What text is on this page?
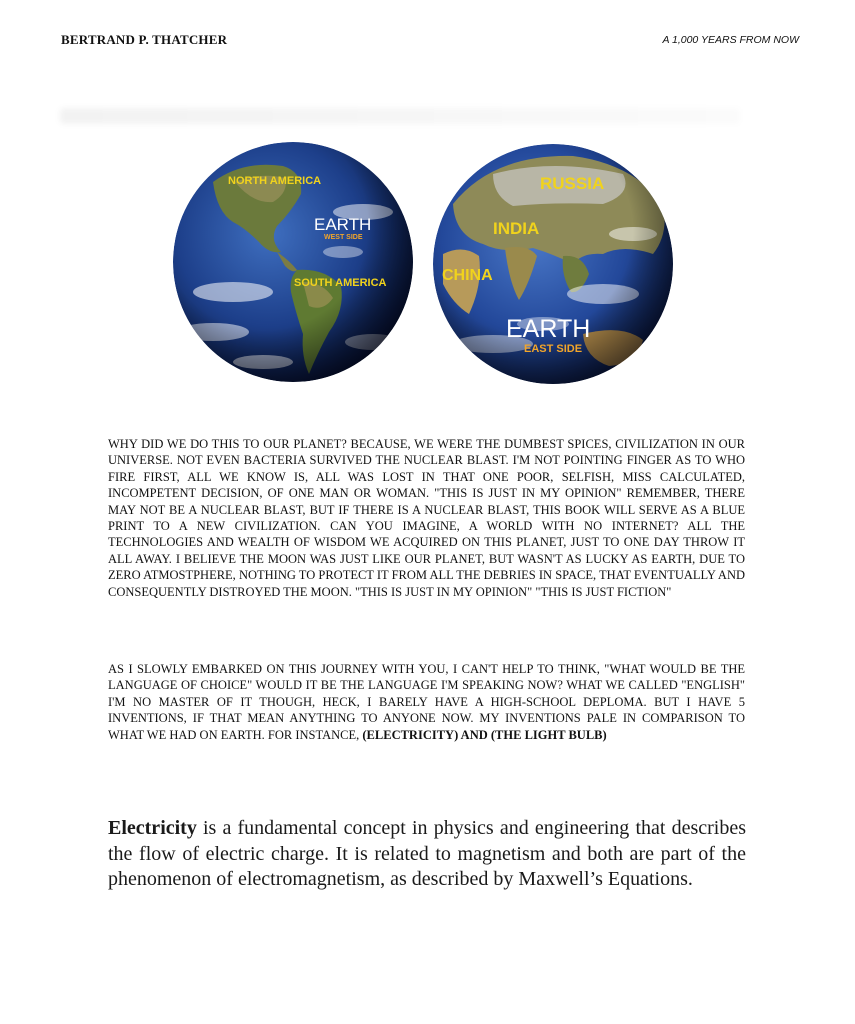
BERTRAND P. THATCHER	A 1,000 YEARS FROM NOW
NORTH AMERICA
EARTH
WEST SIDE
SOUTH AMERICA
RUSSIA
INDIA
CHINA
EARTH
EAST SIDE

WHY DID WE DO THIS TO OUR PLANET? BECAUSE, WE WERE THE DUMBEST SPICES, CIVILIZATION IN OUR UNIVERSE. NOT EVEN BACTERIA SURVIVED THE NUCLEAR BLAST. I'M NOT POINTING FINGER AS TO WHO FIRE FIRST, ALL WE KNOW IS, ALL WAS LOST IN THAT ONE POOR, SELFISH, MISS CALCULATED, INCOMPETENT DECISION, OF ONE MAN OR WOMAN. "THIS IS JUST IN MY OPINION" REMEMBER, THERE MAY NOT BE A NUCLEAR BLAST, BUT IF THERE IS A NUCLEAR BLAST, THIS BOOK WILL SERVE AS A BLUE PRINT TO A NEW CIVILIZATION. CAN YOU IMAGINE, A WORLD WITH NO INTERNET? ALL THE TECHNOLOGIES AND WEALTH OF WISDOM WE ACQUIRED ON THIS PLANET, JUST TO ONE DAY THROW IT ALL AWAY. I BELIEVE THE MOON WAS JUST LIKE OUR PLANET, BUT WASN'T AS LUCKY AS EARTH, DUE TO ZERO ATMOSTPHERE, NOTHING TO PROTECT IT FROM ALL THE DEBRIES IN SPACE, THAT EVENTUALLY AND CONSEQUENTLY DISTROYED THE MOON. "THIS IS JUST IN MY OPINION" "THIS IS JUST FICTION"

AS I SLOWLY EMBARKED ON THIS JOURNEY WITH YOU, I CAN'T HELP TO THINK, "WHAT WOULD BE THE LANGUAGE OF CHOICE" WOULD IT BE THE LANGUAGE I'M SPEAKING NOW? WHAT WE CALLED "ENGLISH" I'M NO MASTER OF IT THOUGH, HECK, I BARELY HAVE A HIGH-SCHOOL DEPLOMA. BUT I HAVE 5 INVENTIONS, IF THAT MEAN ANYTHING TO ANYONE NOW. MY INVENTIONS PALE IN COMPARISON TO WHAT WE HAD ON EARTH. FOR INSTANCE, (ELECTRICITY) AND (THE LIGHT BULB)

Electricity is a fundamental concept in physics and engineering that describes the flow of electric charge. It is related to magnetism and both are part of the phenomenon of electromagnetism, as described by Maxwell’s Equations.
